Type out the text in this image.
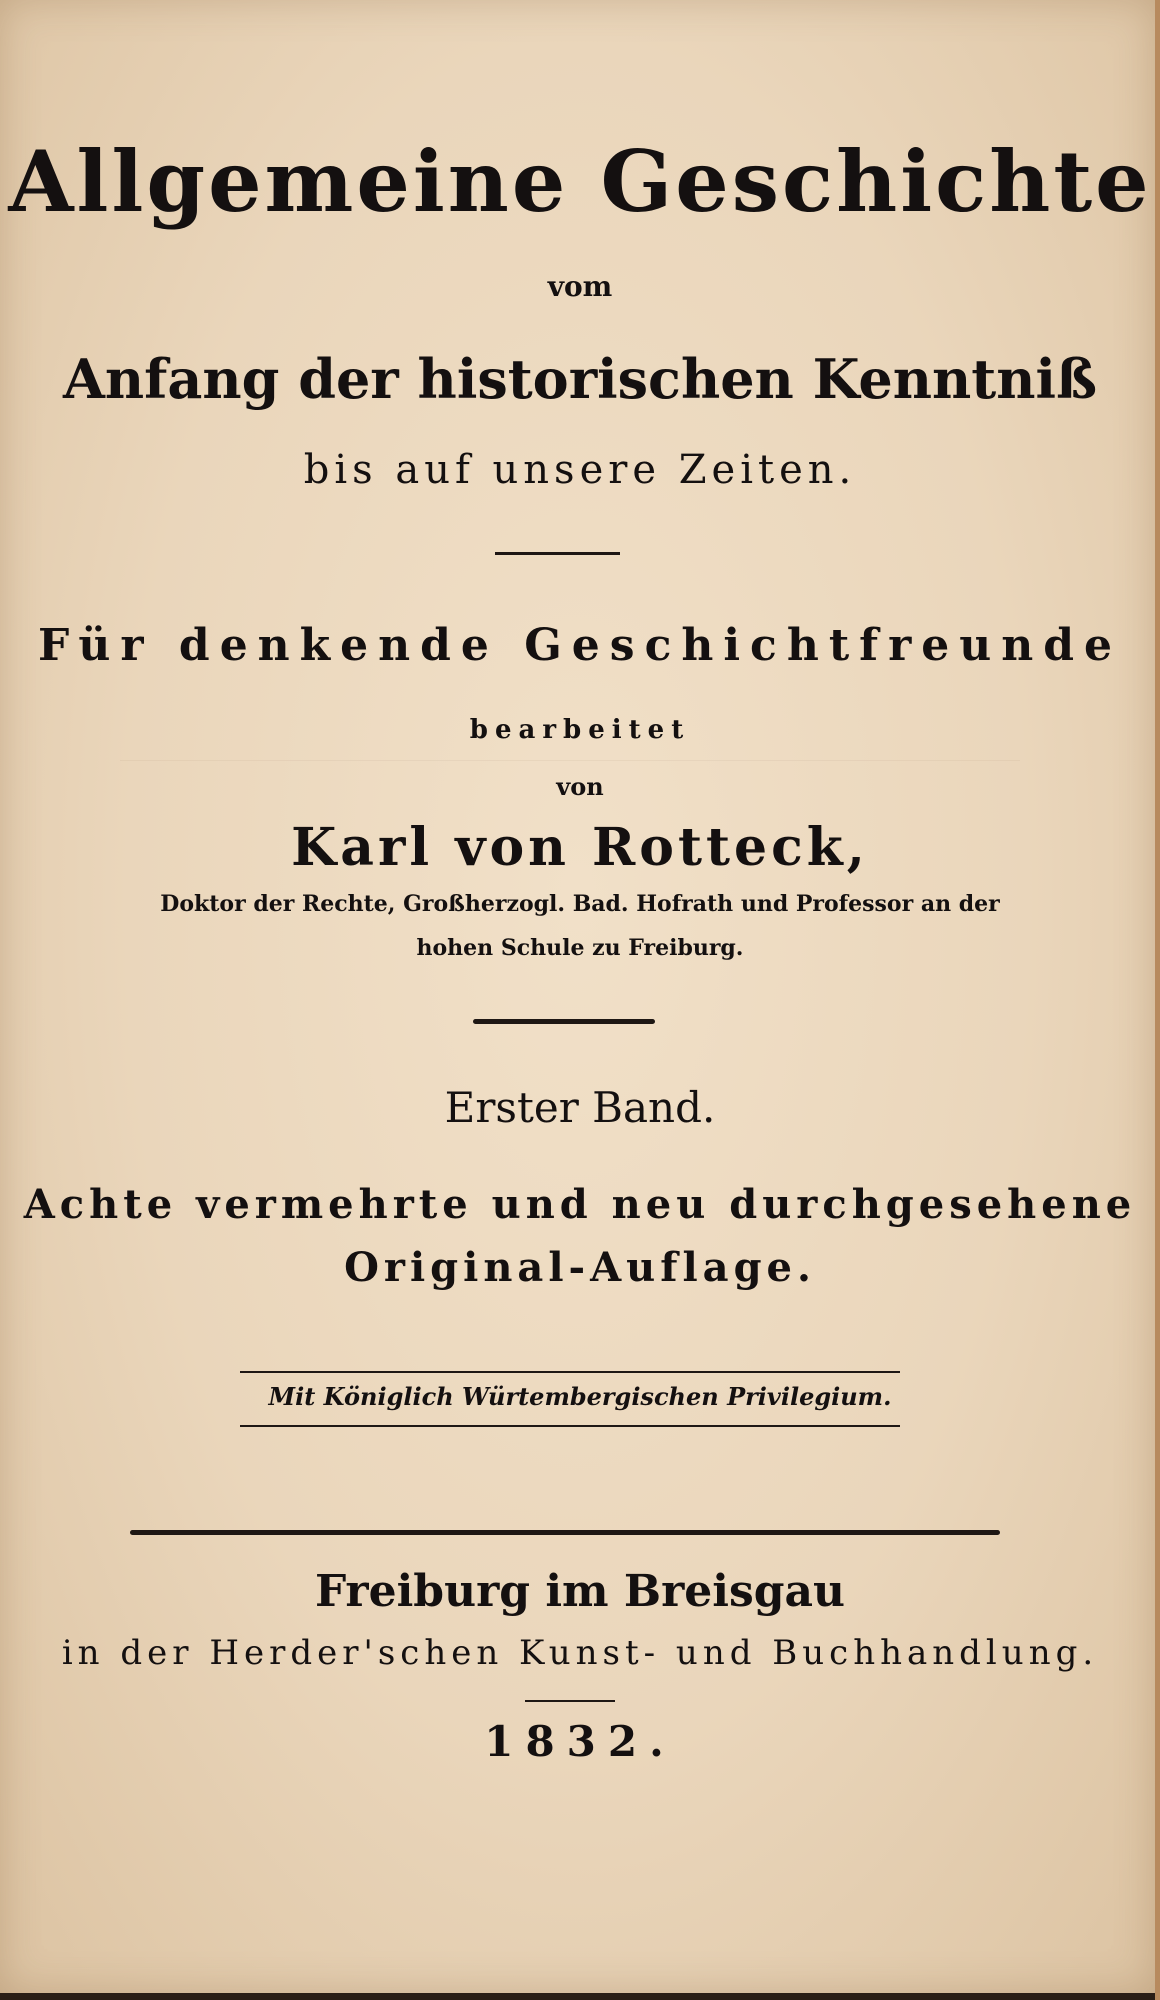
Allgemeine Geschichte
vom
Anfang der historischen Kenntniß
bis auf unsere Zeiten.
Für denkende Geschichtfreunde
bearbeitet
von
Karl von Rotteck,
Doktor der Rechte, Großherzogl. Bad. Hofrath und Professor an der
hohen Schule zu Freiburg.
Erster Band.
Achte vermehrte und neu durchgesehene
Original-Auflage.
Mit Königlich Würtembergischen Privilegium.
Freiburg im Breisgau
in der Herder'schen Kunst- und Buchhandlung.
1832.
